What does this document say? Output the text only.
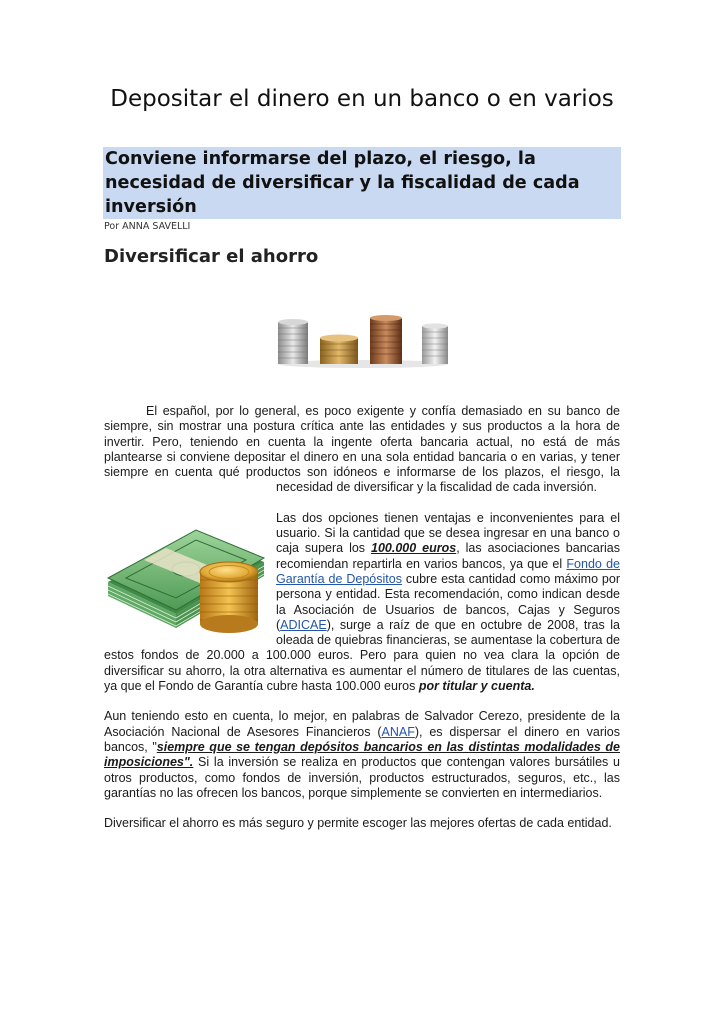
Depositar el dinero en un banco o en varios
Conviene informarse del plazo, el riesgo, la necesidad de diversificar y la fiscalidad de cada inversión
Por ANNA SAVELLI
Diversificar el ahorro

El español, por lo general, es poco exigente y confía demasiado en su banco de siempre, sin mostrar una postura crítica ante las entidades y sus productos a la hora de invertir. Pero, teniendo en cuenta la ingente oferta bancaria actual, no está de más plantearse si conviene depositar el dinero en una sola entidad bancaria o en varias, y tener siempre en cuenta qué productos son idóneos e informarse de los plazos, el riesgo, la necesidad de diversificar y la fiscalidad de cada inversión.

Las dos opciones tienen ventajas e inconvenientes para el usuario. Si la cantidad que se desea ingresar en una banco o caja supera los 100.000 euros, las asociaciones bancarias recomiendan repartirla en varios bancos, ya que el Fondo de Garantía de Depósitos cubre esta cantidad como máximo por persona y entidad. Esta recomendación, como indican desde la Asociación de Usuarios de bancos, Cajas y Seguros (ADICAE), surge a raíz de que en octubre de 2008, tras la oleada de quiebras financieras, se aumentase la cobertura de estos fondos de 20.000 a 100.000 euros. Pero para quien no vea clara la opción de diversificar su ahorro, la otra alternativa es aumentar el número de titulares de las cuentas, ya que el Fondo de Garantía cubre hasta 100.000 euros por titular y cuenta.

Aun teniendo esto en cuenta, lo mejor, en palabras de Salvador Cerezo, presidente de la Asociación Nacional de Asesores Financieros (ANAF), es dispersar el dinero en varios bancos, "siempre que se tengan depósitos bancarios en las distintas modalidades de imposiciones". Si la inversión se realiza en productos que contengan valores bursátiles u otros productos, como fondos de inversión, productos estructurados, seguros, etc., las garantías no las ofrecen los bancos, porque simplemente se convierten en intermediarios.

Diversificar el ahorro es más seguro y permite escoger las mejores ofertas de cada entidad.
